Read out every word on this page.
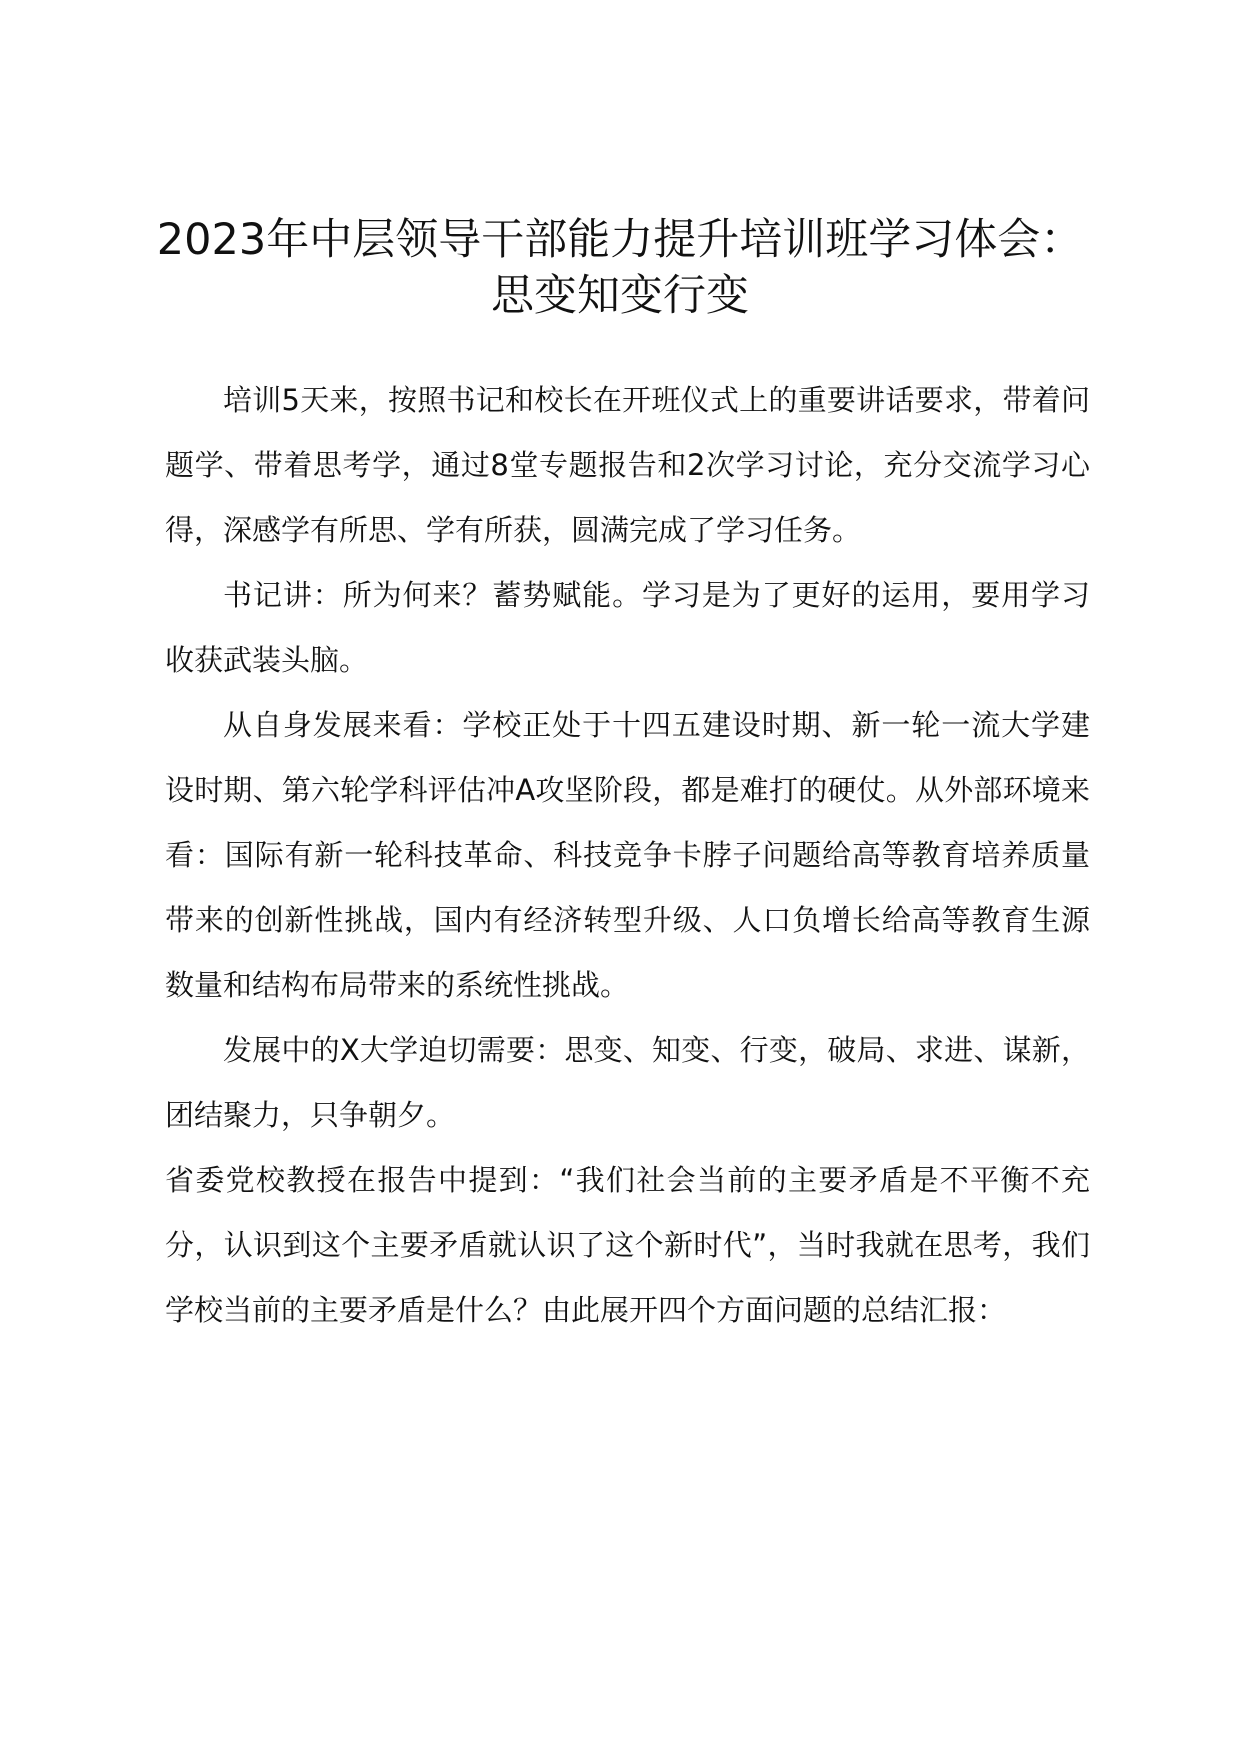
2023年中层领导干部能力提升培训班学习体会：思变知变行变

培训5天来，按照书记和校长在开班仪式上的重要讲话要求，带着问题学、带着思考学，通过8堂专题报告和2次学习讨论，充分交流学习心得，深感学有所思、学有所获，圆满完成了学习任务。

书记讲：所为何来？蓄势赋能。学习是为了更好的运用，要用学习收获武装头脑。

从自身发展来看：学校正处于十四五建设时期、新一轮一流大学建设时期、第六轮学科评估冲A攻坚阶段，都是难打的硬仗。从外部环境来看：国际有新一轮科技革命、科技竞争卡脖子问题给高等教育培养质量带来的创新性挑战，国内有经济转型升级、人口负增长给高等教育生源数量和结构布局带来的系统性挑战。

发展中的X大学迫切需要：思变、知变、行变，破局、求进、谋新，团结聚力，只争朝夕。

省委党校教授在报告中提到：“我们社会当前的主要矛盾是不平衡不充分，认识到这个主要矛盾就认识了这个新时代”，当时我就在思考，我们学校当前的主要矛盾是什么？由此展开四个方面问题的总结汇报：
